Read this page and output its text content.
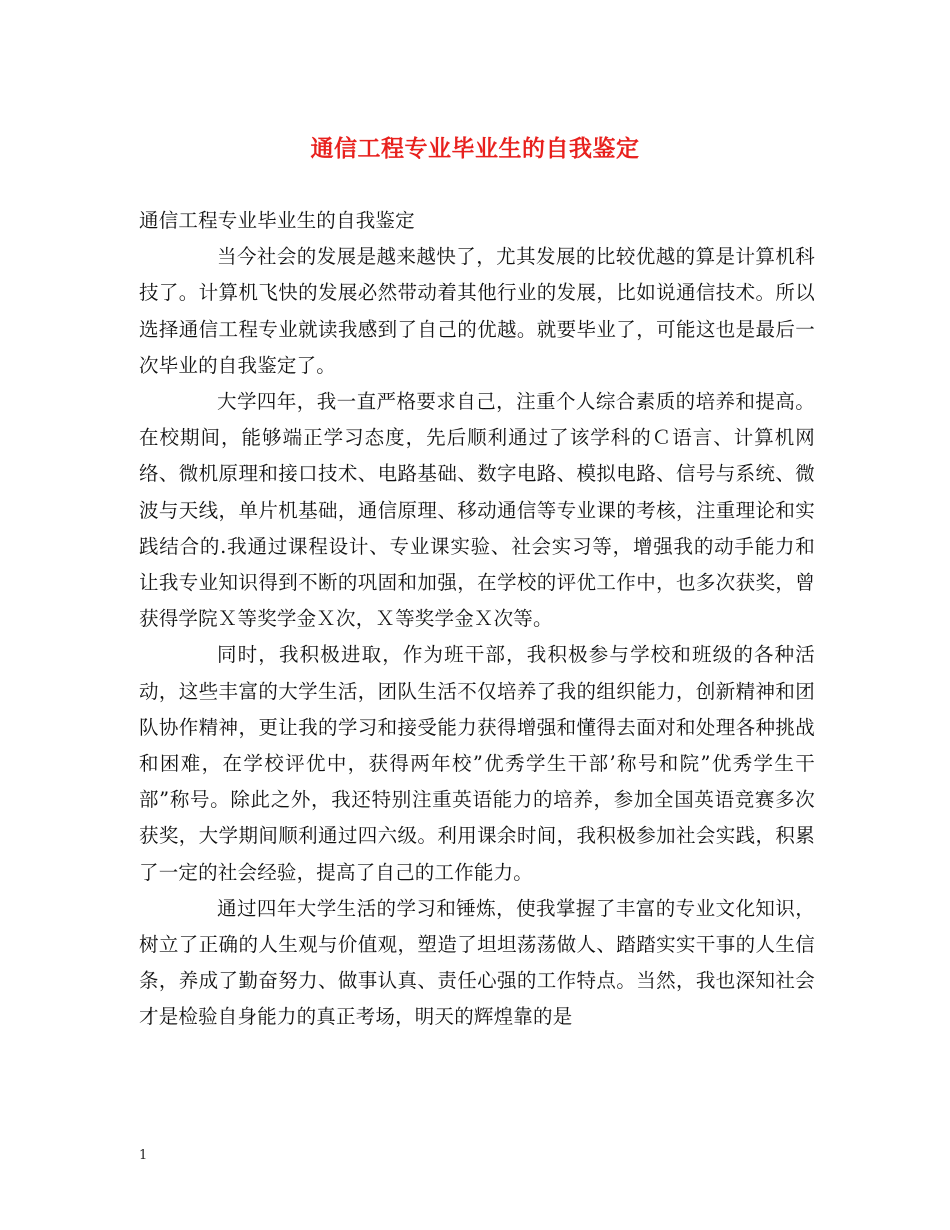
通信工程专业毕业生的自我鉴定

通信工程专业毕业生的自我鉴定

当今社会的发展是越来越快了，尤其发展的比较优越的算是计算机科技了。计算机飞快的发展必然带动着其他行业的发展，比如说通信技术。所以选择通信工程专业就读我感到了自己的优越。就要毕业了，可能这也是最后一次毕业的自我鉴定了。

大学四年，我一直严格要求自己，注重个人综合素质的培养和提高。在校期间，能够端正学习态度，先后顺利通过了该学科的Ｃ语言、计算机网络、微机原理和接口技术、电路基础、数字电路、模拟电路、信号与系统、微波与天线，单片机基础，通信原理、移动通信等专业课的考核，注重理论和实践结合的.我通过课程设计、专业课实验、社会实习等，增强我的动手能力和让我专业知识得到不断的巩固和加强，在学校的评优工作中，也多次获奖，曾获得学院Ｘ等奖学金Ｘ次，Ｘ等奖学金Ｘ次等。

同时，我积极进取，作为班干部，我积极参与学校和班级的各种活动，这些丰富的大学生活，团队生活不仅培养了我的组织能力，创新精神和团队协作精神，更让我的学习和接受能力获得增强和懂得去面对和处理各种挑战和困难，在学校评优中，获得两年校”优秀学生干部’称号和院”优秀学生干部”称号。除此之外，我还特别注重英语能力的培养，参加全国英语竞赛多次获奖，大学期间顺利通过四六级。利用课余时间，我积极参加社会实践，积累了一定的社会经验，提高了自己的工作能力。

通过四年大学生活的学习和锤炼，使我掌握了丰富的专业文化知识，树立了正确的人生观与价值观，塑造了坦坦荡荡做人、踏踏实实干事的人生信条，养成了勤奋努力、做事认真、责任心强的工作特点。当然，我也深知社会才是检验自身能力的真正考场，明天的辉煌靠的是

1
